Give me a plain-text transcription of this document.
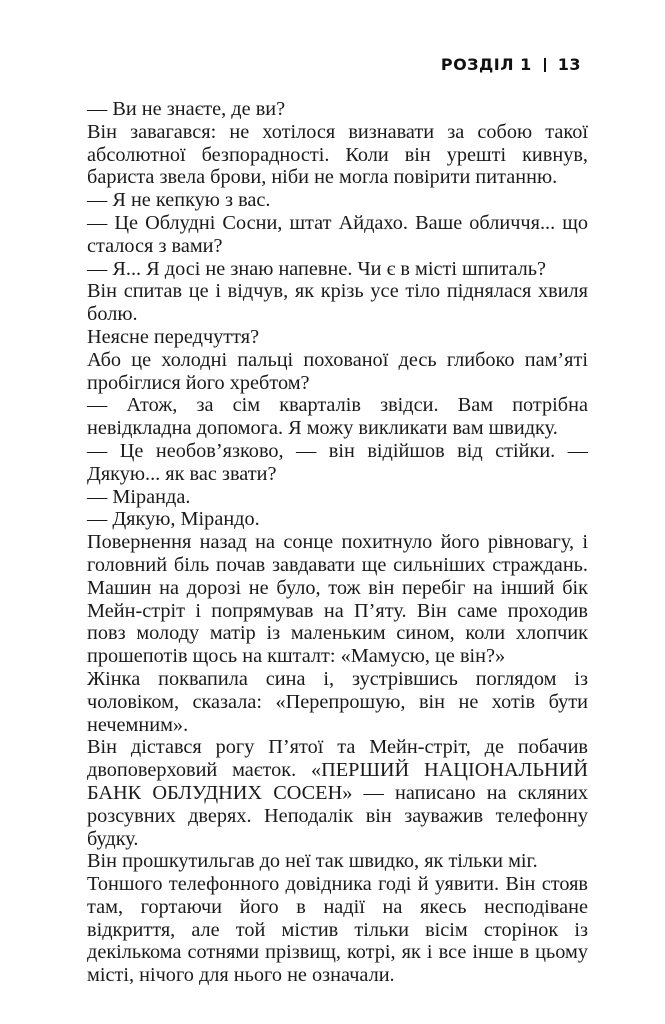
РОЗДІЛ 1 13

— Ви не знаєте, де ви?

Він завагався: не хотілося визнавати за собою такої абсолютної безпорадності. Коли він урешті кивнув, бариста звела брови, ніби не могла повірити питанню.

— Я не кепкую з вас.

— Це Облудні Сосни, штат Айдахо. Ваше обличчя... що сталося з вами?

— Я... Я досі не знаю напевне. Чи є в місті шпиталь?

Він спитав це і відчув, як крізь усе тіло піднялася хвиля болю.

Неясне передчуття?

Або це холодні пальці похованої десь глибоко пам’яті пробіглися його хребтом?

— Атож, за сім кварталів звідси. Вам потрібна невідкладна допомога. Я можу викликати вам швидку.

— Це необов’язково, — він відійшов від стійки. — Дякую... як вас звати?

— Міранда.

— Дякую, Мірандо.

Повернення назад на сонце похитнуло його рівновагу, і головний біль почав завдавати ще сильніших страждань. Машин на дорозі не було, тож він перебіг на інший бік Мейн-стріт і попрямував на П’яту. Він саме проходив повз молоду матір із маленьким сином, коли хлопчик прошепотів щось на кшталт: «Мамусю, це він?»

Жінка поквапила сина і, зустрівшись поглядом із чоловіком, сказала: «Перепрошую, він не хотів бути нечемним».

Він дістався рогу П’ятої та Мейн-стріт, де побачив двоповерховий маєток. «ПЕРШИЙ НАЦІОНАЛЬНИЙ БАНК ОБЛУДНИХ СОСЕН» — написано на скляних розсувних дверях. Неподалік він зауважив телефонну будку.

Він прошкутильгав до неї так швидко, як тільки міг.

Тоншого телефонного довідника годі й уявити. Він стояв там, гортаючи його в надії на якесь несподіване відкриття, але той містив тільки вісім сторінок із декількома сотнями прізвищ, котрі, як і все інше в цьому місті, нічого для нього не означали.
